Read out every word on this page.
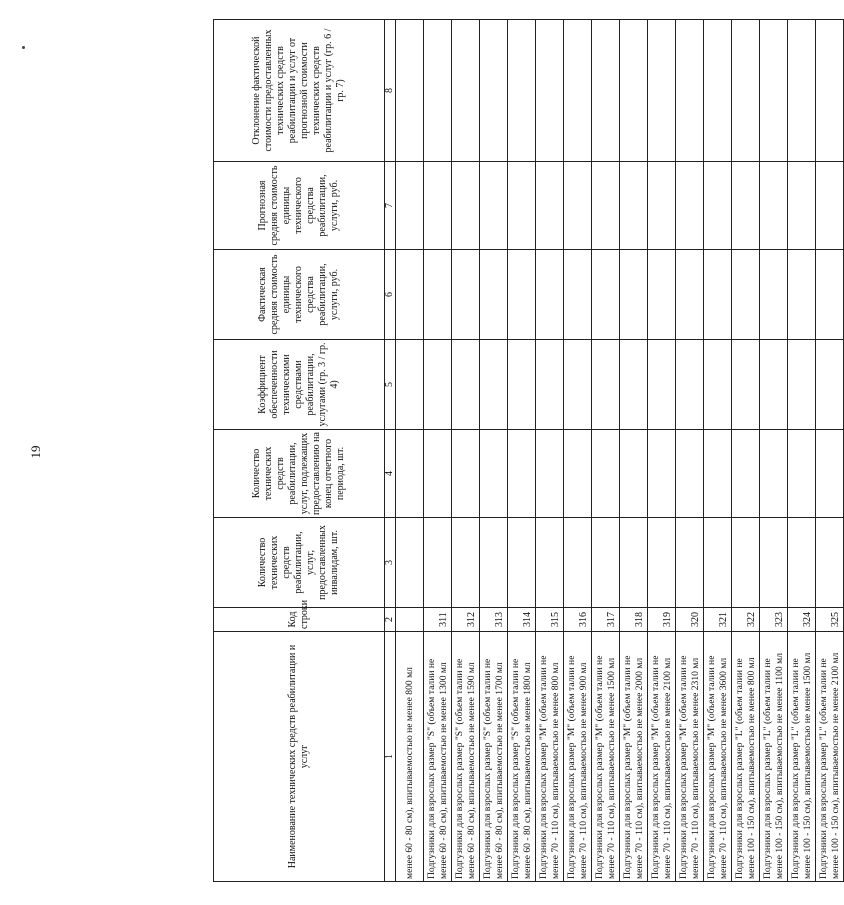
19
Наименование технических средств реабилитации и услуг	Код строки	Количество технических средств реабилитации, услуг, предоставленных инвалидам, шт.	Количество технических средств реабилитации, услуг, подлежащих предоставлению на конец отчетного периода, шт.	Коэффициент обеспеченности техническими средствами реабилитации, услугами (гр. 3 / гр. 4)	Фактическая средняя стоимость единицы технического средства реабилитации, услуги, руб.	Прогнозная средняя стоимость единицы технического средства реабилитации, услуги, руб.	Отклонение фактической стоимости предоставленных технических средств реабилитации и услуг от прогнозной стоимости технических средств реабилитации и услуг (гр. 6 / гр. 7)
1	2	3	4	5	6	7	8

менее 60 - 80 см), впитываемостью не менее 800 мл							

Подгузники для взрослых размер "S" (объем талии не менее 60 - 80 см), впитываемостью не менее 1300 мл	311						

Подгузники для взрослых размер "S" (объем талии не менее 60 - 80 см), впитываемостью не менее 1590 мл	312						

Подгузники для взрослых размер "S" (объем талии не менее 60 - 80 см), впитываемостью не менее 1700 мл	313						

Подгузники для взрослых размер "S" (объем талии не менее 60 - 80 см), впитываемостью не менее 1800 мл	314						

Подгузники для взрослых размер "M" (объем талии не менее 70 - 110 см), впитываемостью не менее 800 мл	315						

Подгузники для взрослых размер "M" (объем талии не менее 70 - 110 см), впитываемостью не менее 900 мл	316						

Подгузники для взрослых размер "M" (объем талии не менее 70 - 110 см), впитываемостью не менее 1500 мл	317						

Подгузники для взрослых размер "M" (объем талии не менее 70 - 110 см), впитываемостью не менее 2000 мл	318						

Подгузники для взрослых размер "M" (объем талии не менее 70 - 110 см), впитываемостью не менее 2100 мл	319						

Подгузники для взрослых размер "M" (объем талии не менее 70 - 110 см), впитываемостью не менее 2310 мл	320						

Подгузники для взрослых размер "M" (объем талии не менее 70 - 110 см), впитываемостью не менее 3600 мл	321						

Подгузники для взрослых размер "L" (объем талии не менее 100 - 150 см), впитываемостью не менее 800 мл	322						

Подгузники для взрослых размер "L" (объем талии не менее 100 - 150 см), впитываемостью не менее 1100 мл	323						

Подгузники для взрослых размер "L" (объем талии не менее 100 - 150 см), впитываемостью не менее 1500 мл	324						

Подгузники для взрослых размер "L" (объем талии не менее 100 - 150 см), впитываемостью не менее 2100 мл	325						
